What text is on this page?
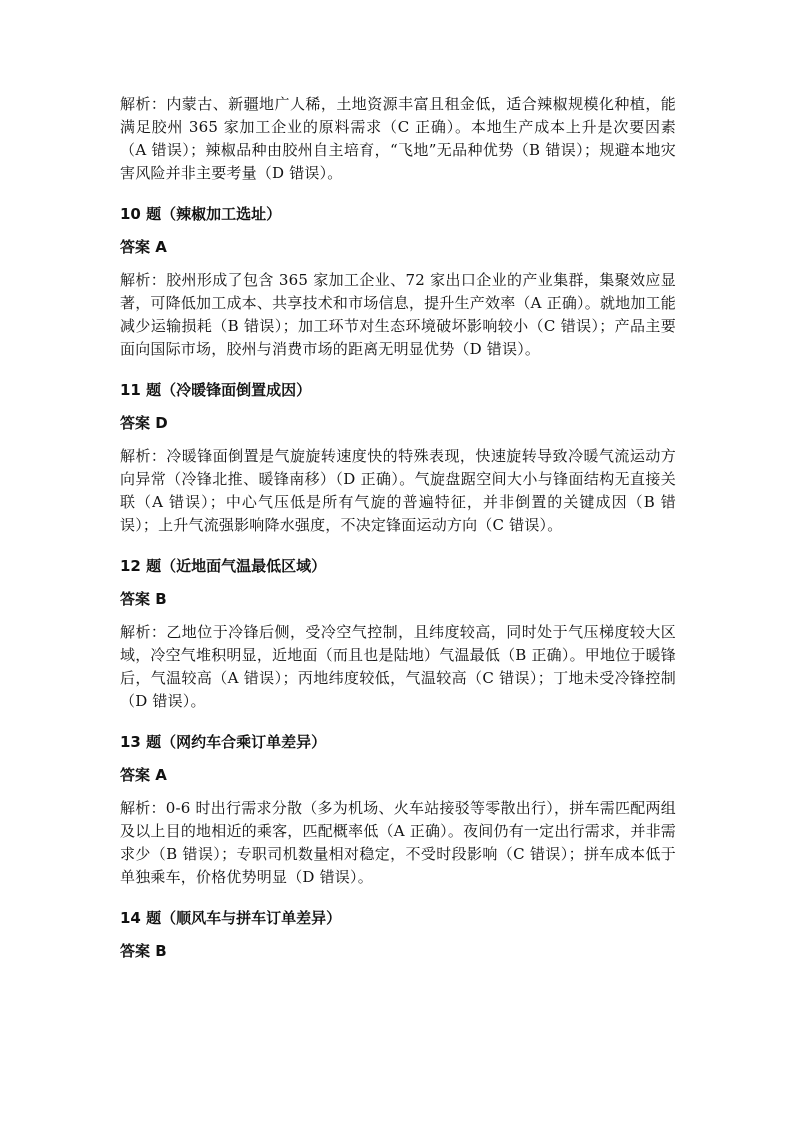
解析：内蒙古、新疆地广人稀，土地资源丰富且租金低，适合辣椒规模化种植，能满足胶州 365 家加工企业的原料需求（C 正确）。本地生产成本上升是次要因素（A 错误）；辣椒品种由胶州自主培育，“飞地”无品种优势（B 错误）；规避本地灾害风险并非主要考量（D 错误）。

10 题（辣椒加工选址）

答案 A

解析：胶州形成了包含 365 家加工企业、72 家出口企业的产业集群，集聚效应显著，可降低加工成本、共享技术和市场信息，提升生产效率（A 正确）。就地加工能减少运输损耗（B 错误）；加工环节对生态环境破坏影响较小（C 错误）；产品主要面向国际市场，胶州与消费市场的距离无明显优势（D 错误）。

11 题（冷暖锋面倒置成因）

答案 D

解析：冷暖锋面倒置是气旋旋转速度快的特殊表现，快速旋转导致冷暖气流运动方向异常（冷锋北推、暖锋南移）（D 正确）。气旋盘踞空间大小与锋面结构无直接关联（A 错误）；中心气压低是所有气旋的普遍特征，并非倒置的关键成因（B 错误）；上升气流强影响降水强度，不决定锋面运动方向（C 错误）。

12 题（近地面气温最低区域）

答案 B

解析：乙地位于冷锋后侧，受冷空气控制，且纬度较高，同时处于气压梯度较大区域，冷空气堆积明显，近地面（而且也是陆地）气温最低（B 正确）。甲地位于暖锋后，气温较高（A 错误）；丙地纬度较低，气温较高（C 错误）；丁地未受冷锋控制（D 错误）。

13 题（网约车合乘订单差异）

答案 A

解析：0-6 时出行需求分散（多为机场、火车站接驳等零散出行），拼车需匹配两组及以上目的地相近的乘客，匹配概率低（A 正确）。夜间仍有一定出行需求，并非需求少（B 错误）；专职司机数量相对稳定，不受时段影响（C 错误）；拼车成本低于单独乘车，价格优势明显（D 错误）。

14 题（顺风车与拼车订单差异）

答案 B
